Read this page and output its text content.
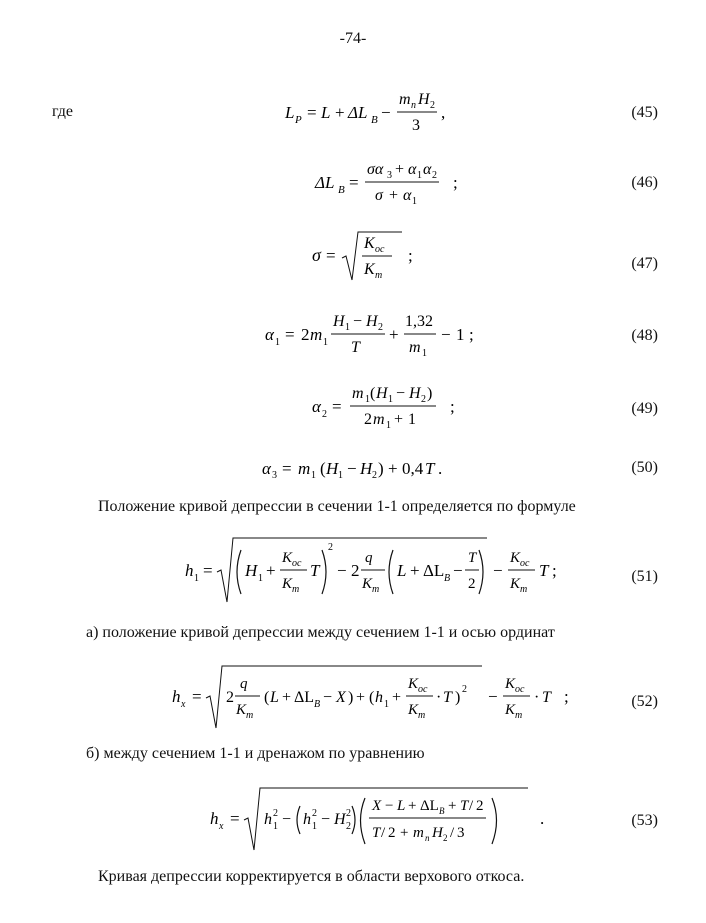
-74-
где	L P = L + ΔL B −
m n H 2
3
,	(45)
ΔL B =
σα 3 + α 1 α 2
σ + α 1
;	(46)
σ =
K oc
K m
;	(47)
α 1 = 2 m 1
H 1 − H 2
T
+
1,32
m 1
− 1 ;	(48)
α 2 =
m 1 ( H 1 − H 2 )
2 m 1 + 1
;	(49)
α 3 = m 1 ( H 1 − H 2 ) + 0,4 T .	(50)
Положение кривой депрессии в сечении 1-1 определяется по формуле
h 1 = H 1 +
K oc
K m
T
2
− 2
q
K m
L + ΔL B −
T
2
−
K oc
K m
T ;	(51)
а) положение кривой депрессии между сечением 1-1 и осью ординат
h x = 2
q
K m
( L + ΔL B − X ) + ( h 1 +
K oc
K m
· T ) 2 −
K oc
K m
· T ;	(52)
б) между сечением 1-1 и дренажом по уравнению
h x = h 1
2 − h 1
2 − H 2
2 X − L + ΔL B + T / 2
T / 2 + m n H 2 / 3
.	(53)
Кривая депрессии корректируется в области верхового откоса.
